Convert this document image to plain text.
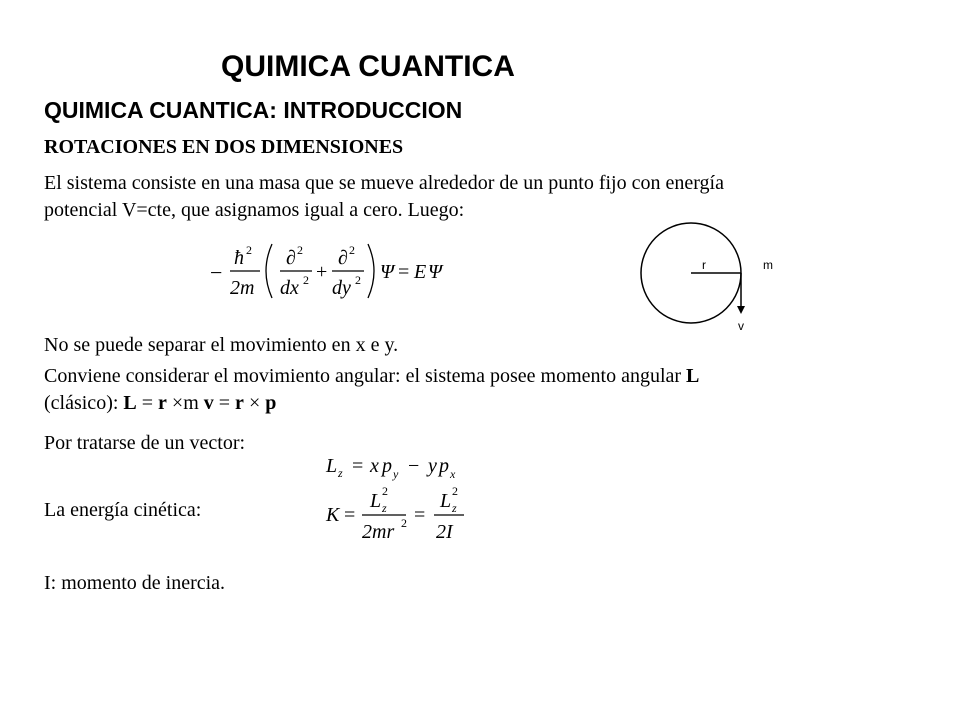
QUIMICA CUANTICA
QUIMICA CUANTICA: INTRODUCCION
ROTACIONES EN DOS DIMENSIONES
El sistema consiste en una masa que se mueve alrededor de un punto fijo con energía
potencial V=cte, que asignamos igual a cero. Luego:
−
ħ 2
2m
∂ 2
dx 2 +
∂ 2
dy 2 Ψ = E Ψ	r	m
v
No se puede separar el movimiento en x e y.
Conviene considerar el movimiento angular: el sistema posee momento angular L
(clásico): L = r ×m v = r × p
Por tratarse de un vector:
L z = x p y − y p x
La energía cinética:	K =
L 2
z
2mr 2 =
L 2
z
2I
I: momento de inercia.
